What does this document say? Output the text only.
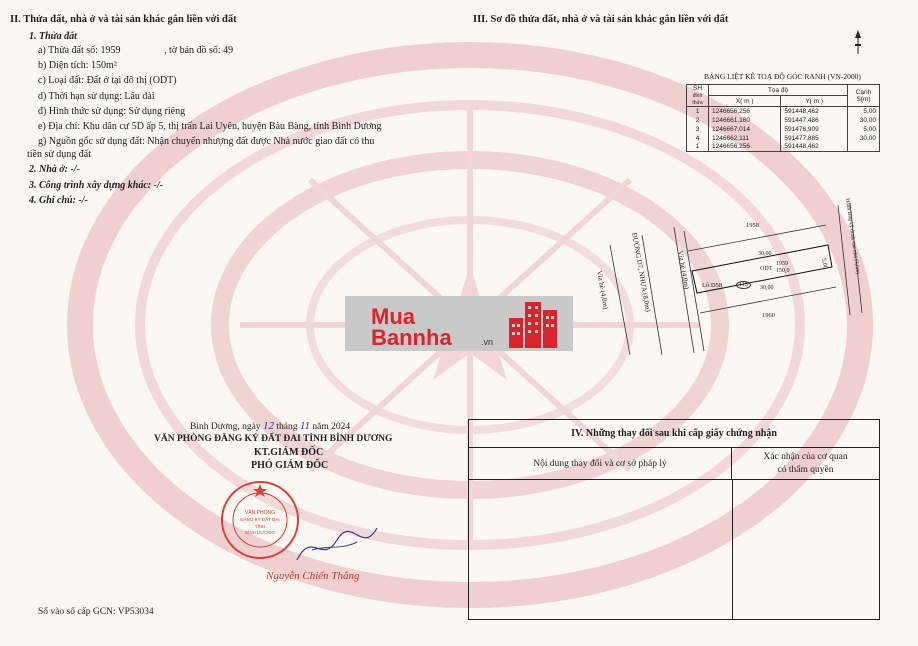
II. Thửa đất, nhà ở và tài sản khác gắn liền với đất
1. Thửa đất
a) Thửa đất số: 1959	, tờ bản đồ số: 49
b) Diện tích: 150m²
c) Loại đất: Đất ở tại đô thị (ODT)
d) Thời hạn sử dụng: Lâu dài
đ) Hình thức sử dụng: Sử dụng riêng
e) Địa chỉ: Khu dân cư 5D ấp 5, thị trấn Lai Uyên, huyện Bàu Bàng, tỉnh Bình Dương
g) Nguồn gốc sử dụng đất: Nhận chuyển nhượng đất được Nhà nước giao đất có thu
tiền sử dụng đất
2. Nhà ở: -/-
3. Công trình xây dựng khác: -/-
4. Ghi chú: -/-
III. Sơ đồ thửa đất, nhà ở và tài sản khác gắn liền với đất
BẢNG LIỆT KÊ TOẠ ĐỘ GÓC RANH (VN-2000)
SH
đỉnh thửa	Tọa độ		Cạnh
S(m)
	X( m )	Y( m )	
1	1246656,256	591448,462	5,00
2	1246661,160	591447,486	30,00
3	1246667,014	591476,909	5,00
4	1246662,111	591477,885	30,00
1	1246656,256	591448,462	
Vỉa hè (4,0m)	ĐƯỜNG D7, NHỰA (8,0m)	Vỉa hè (4,0m) Lô D58	115
ODT
1959
150,0
1958
1960
30,00
30,00
5,00	Hành lang kỹ thuật sau nhà (3,0m)
Mua
Bannha	.vn
Bình Dương, ngày 12 tháng 11 năm 2024
VĂN PHÒNG ĐĂNG KÝ ĐẤT ĐAI TỈNH BÌNH DƯƠNG
KT.GIÁM ĐỐC
PHÓ GIÁM ĐỐC
VĂN PHÒNG
ĐĂNG KÝ ĐẤT ĐAI
TỈNH
BÌNH DƯƠNG
Nguyễn Chiến Thắng
Số vào sổ cấp GCN: VP53034
IV. Những thay đổi sau khi cấp giấy chứng nhận
Nội dung thay đổi và cơ sở pháp lý
Xác nhận của cơ quan
có thẩm quyền
